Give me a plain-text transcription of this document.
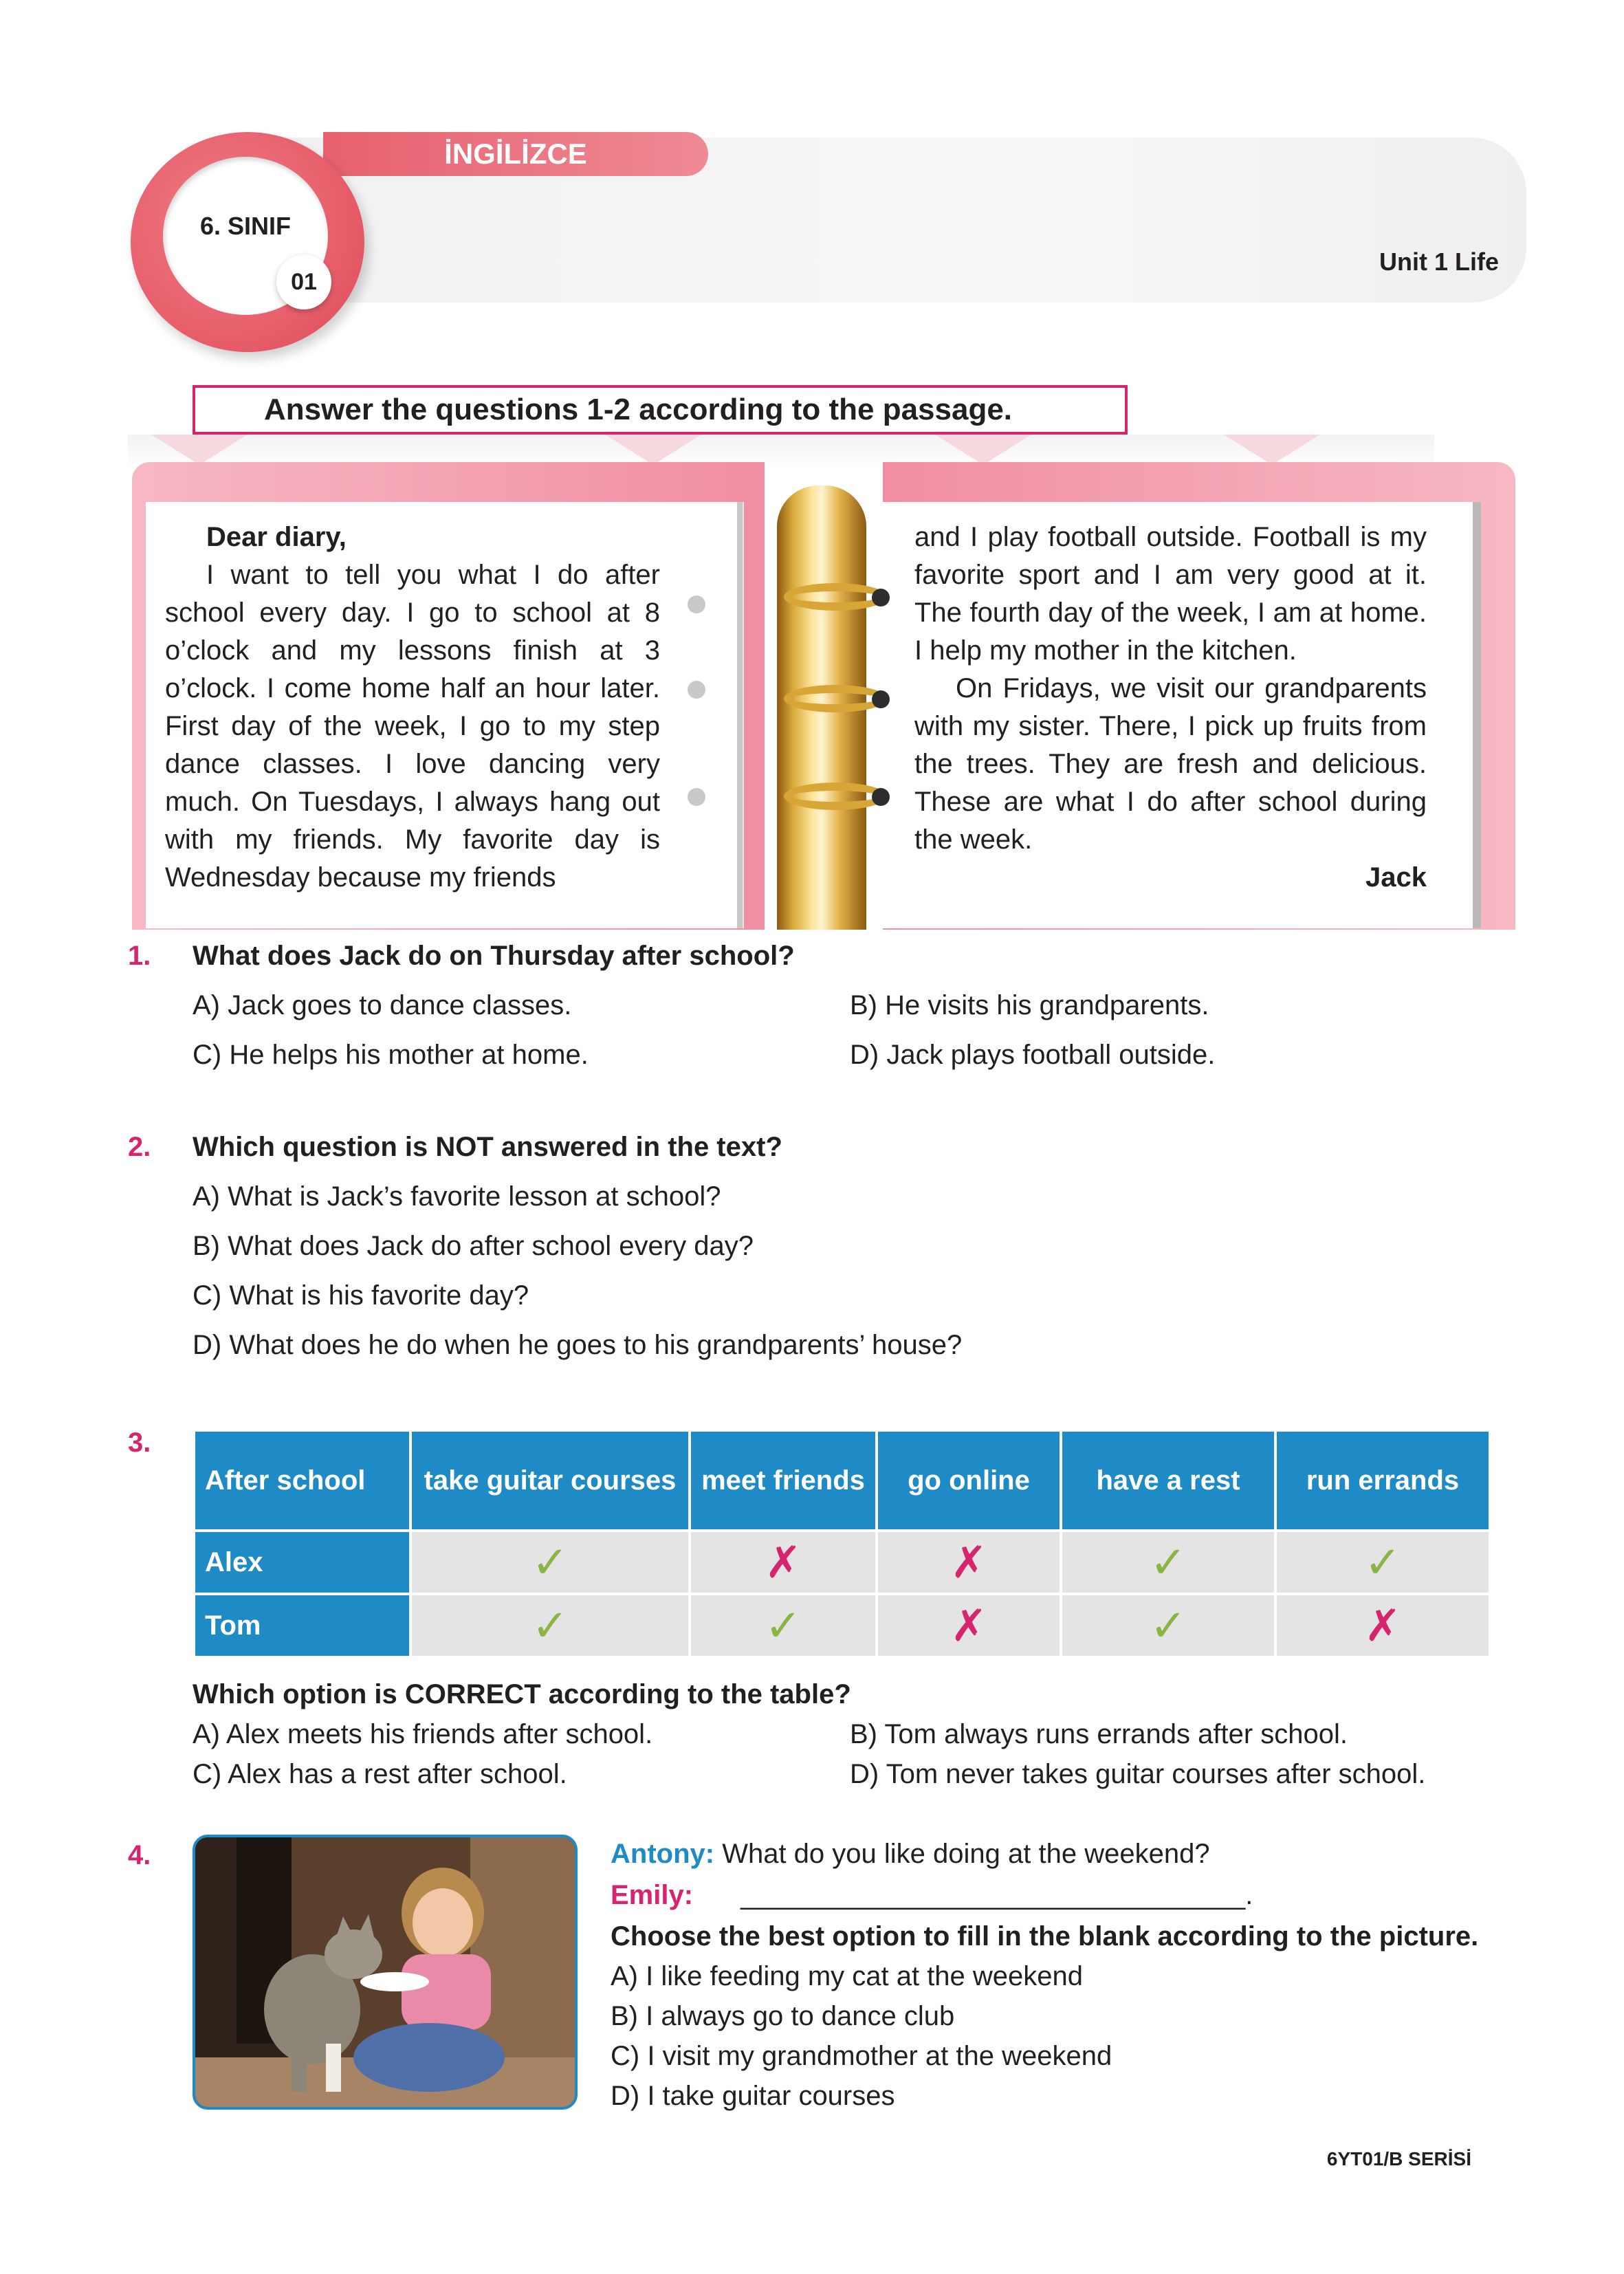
İNGİLİZCE
6. SINIF
01
Unit 1 Life
Answer the questions 1-2 according to the passage.
Dear diary,
I want to tell you what I do after school every day. I go to school at 8 o’clock and my lessons finish at 3 o’clock. I come home half an hour later. First day of the week, I go to my step dance classes. I love dancing very much. On Tuesdays, I always hang out with my friends. My favorite day is Wednesday because my friends
and I play football outside. Football is my favorite sport and I am very good at it. The fourth day of the week, I am at home. I help my mother in the kitchen.
On Fridays, we visit our grandparents with my sister. There, I pick up fruits from the trees. They are fresh and delicious. These are what I do after school during the week.
Jack
1. What does Jack do on Thursday after school?
A) Jack goes to dance classes.	B) He visits his grandparents.
C) He helps his mother at home.	D) Jack plays football outside.
2. Which question is NOT answered in the text?
A) What is Jack’s favorite lesson at school?
B) What does Jack do after school every day?
C) What is his favorite day?
D) What does he do when he goes to his grandparents’ house?
3.
After school	take guitar courses	meet friends	go online	have a rest	run errands
Alex	✓	✗	✗	✓	✓
Tom	✓	✓	✗	✓	✗
Which option is CORRECT according to the table?
A) Alex meets his friends after school.	B) Tom always runs errands after school.
C) Alex has a rest after school.	D) Tom never takes guitar courses after school.
4.	Antony: What do you like doing at the weekend?
Emily: _________________________________.
Choose the best option to fill in the blank according to the picture.
A) I like feeding my cat at the weekend
B) I always go to dance club
C) I visit my grandmother at the weekend
D) I take guitar courses
6YT01/B SERİSİ
